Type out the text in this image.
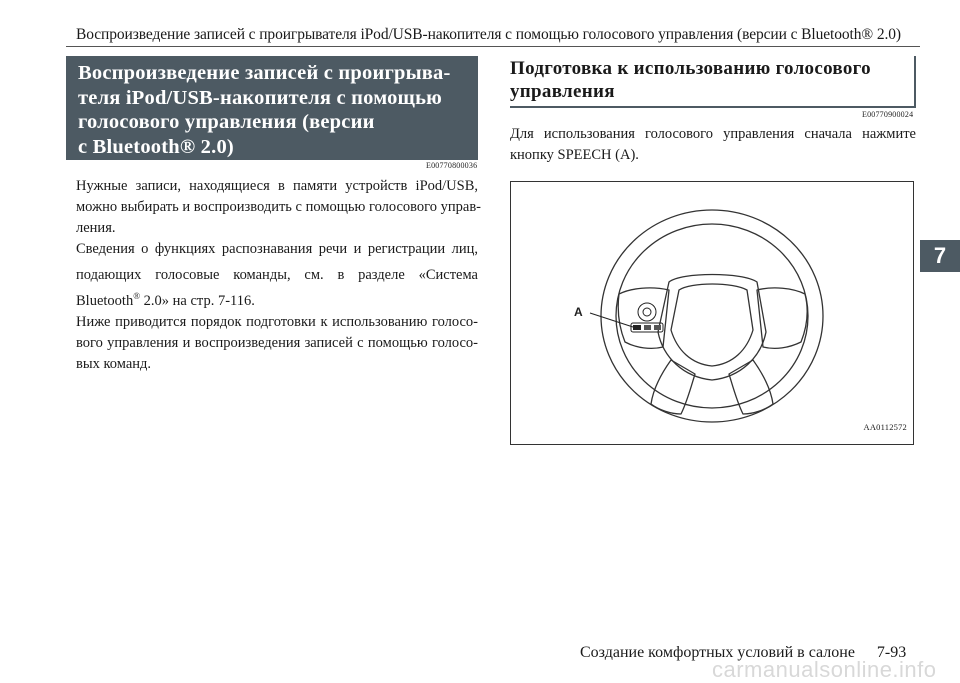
Воспроизведение записей с проигрывателя iPod/USB-накопителя с помощью голосового управления (версии с Bluetooth® 2.0)
Воспроизведение записей с проигрыва-
теля iPod/USB-накопителя с помощью
голосового управления (версии
с Bluetooth® 2.0)
E00770800036

Нужные записи, находящиеся в памяти устройств iPod/USB,
можно выбирать и воспроизводить с помощью голосового управ-
ления.

Сведения о функциях распознавания речи и регистрации лиц,
подающих голосовые команды, см. в разделе «Система
Bluetooth® 2.0» на стр. 7-116.

Ниже приводится порядок подготовки к использованию голосо-
вого управления и воспроизведения записей с помощью голосо-
вых команд.

Подготовка к использованию голосового
управления
E00770900024

Для использования голосового управления сначала нажмите
кнопку SPEECH (A).

A
AA0112572
7
Создание комфортных условий в салоне 7-93
carmanualsonline.info
